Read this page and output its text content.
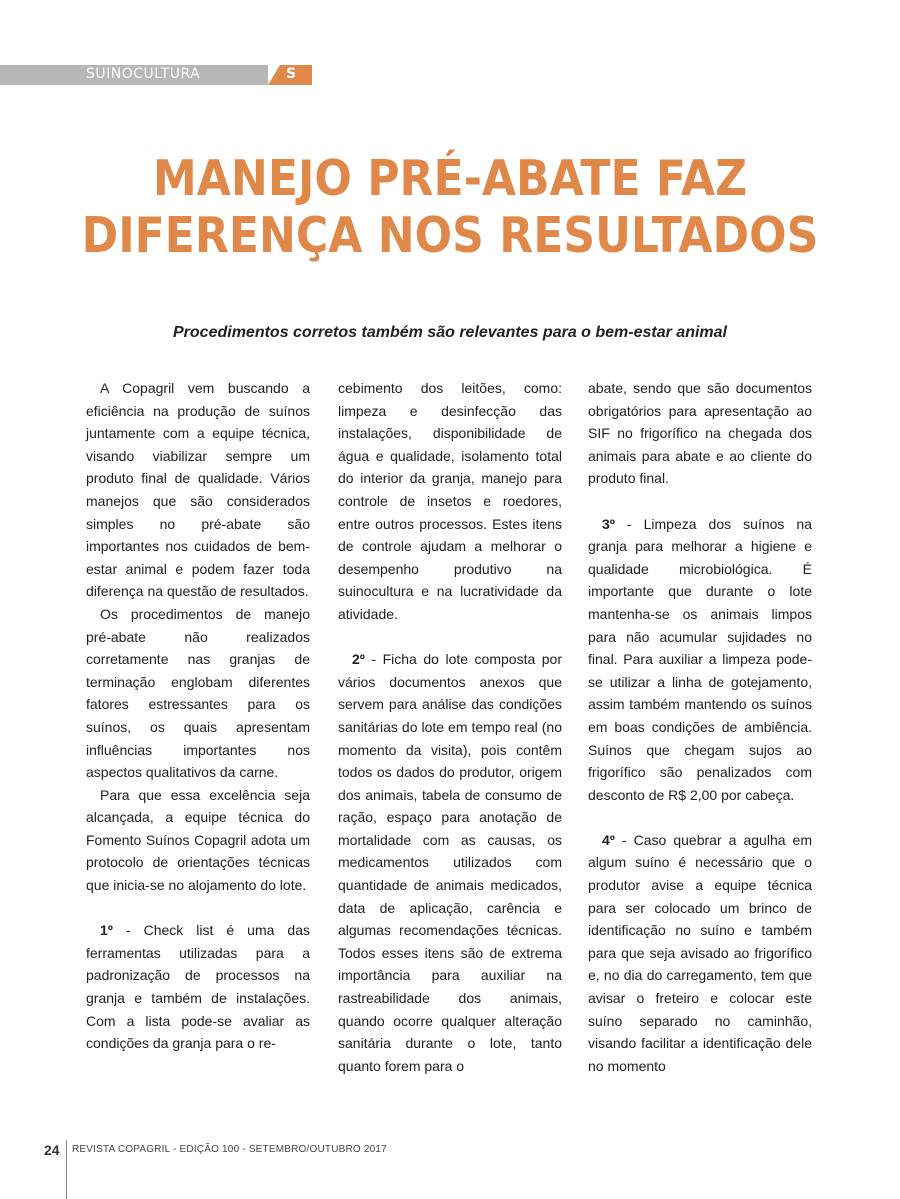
SUINOCULTURA	S
MANEJO PRÉ-ABATE FAZ
DIFERENÇA NOS RESULTADOS
Procedimentos corretos também são relevantes para o bem-estar animal

A Copagril vem buscando a eficiência na produção de suínos juntamente com a equipe técnica, visando viabilizar sempre um produto final de qualidade. Vários manejos que são considerados simples no pré-abate são importantes nos cuidados de bem-estar animal e podem fazer toda diferença na questão de resultados.

Os procedimentos de manejo pré-abate não realizados corretamente nas granjas de terminação englobam diferentes fatores estressantes para os suínos, os quais apresentam influências importantes nos aspectos qualitativos da carne.

Para que essa excelência seja alcançada, a equipe técnica do Fomento Suínos Copagril adota um protocolo de orientações técnicas que inicia-se no alojamento do lote.

1º - Check list é uma das ferramentas utilizadas para a padronização de processos na granja e também de instalações. Com a lista pode-se avaliar as condições da granja para o re-

cebimento dos leitões, como: limpeza e desinfecção das instalações, disponibilidade de água e qualidade, isolamento total do interior da granja, manejo para controle de insetos e roedores, entre outros processos. Estes itens de controle ajudam a melhorar o desempenho produtivo na suinocultura e na lucratividade da atividade.

2º - Ficha do lote composta por vários documentos anexos que servem para análise das condições sanitárias do lote em tempo real (no momento da visita), pois contêm todos os dados do produtor, origem dos animais, tabela de consumo de ração, espaço para anotação de mortalidade com as causas, os medicamentos utilizados com quantidade de animais medicados, data de aplicação, carência e algumas recomendações técnicas. Todos esses itens são de extrema importância para auxiliar na rastreabilidade dos animais, quando ocorre qualquer alteração sanitária durante o lote, tanto quanto forem para o

abate, sendo que são documentos obrigatórios para apresentação ao SIF no frigorífico na chegada dos animais para abate e ao cliente do produto final.

3º - Limpeza dos suínos na granja para melhorar a higiene e qualidade microbiológica. É importante que durante o lote mantenha-se os animais limpos para não acumular sujidades no final. Para auxiliar a limpeza pode-se utilizar a linha de gotejamento, assim também mantendo os suínos em boas condições de ambiência. Suínos que chegam sujos ao frigorífico são penalizados com desconto de R$ 2,00 por cabeça.

4º - Caso quebrar a agulha em algum suíno é necessário que o produtor avise a equipe técnica para ser colocado um brinco de identificação no suíno e também para que seja avisado ao frigorífico e, no dia do carregamento, tem que avisar o freteiro e colocar este suíno separado no caminhão, visando facilitar a identificação dele no momento

24 REVISTA COPAGRIL - EDIÇÃO 100 - SETEMBRO/OUTUBRO 2017
